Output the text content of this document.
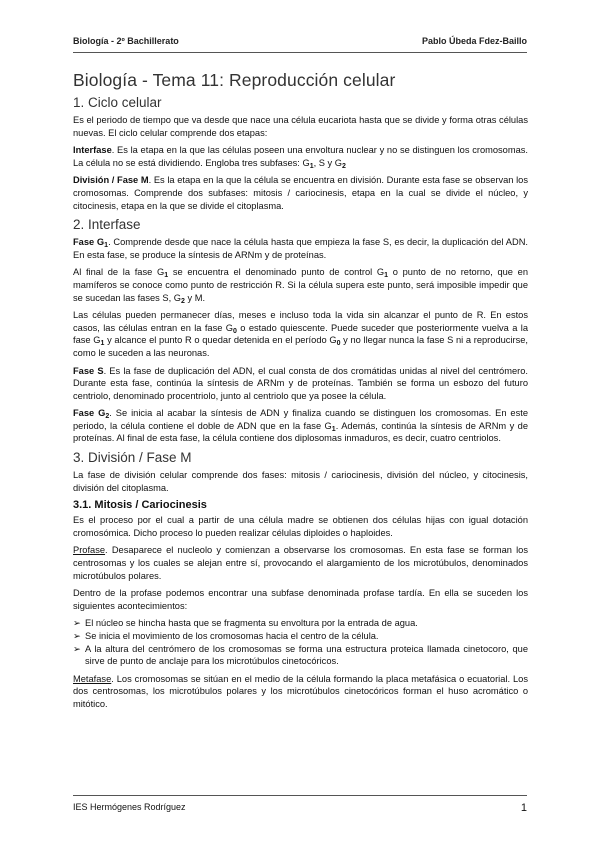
Biología - 2º Bachillerato	Pablo Úbeda Fdez-Baillo
Biología - Tema 11: Reproducción celular
1. Ciclo celular

Es el periodo de tiempo que va desde que nace una célula eucariota hasta que se divide y forma otras células nuevas. El ciclo celular comprende dos etapas:

Interfase. Es la etapa en la que las células poseen una envoltura nuclear y no se distinguen los cromosomas. La célula no se está dividiendo. Engloba tres subfases: $G_1$, S y $G_2$

División / Fase M. Es la etapa en la que la célula se encuentra en división. Durante esta fase se observan los cromosomas. Comprende dos subfases: mitosis / cariocinesis, etapa en la cual se divide el núcleo, y citocinesis, etapa en la que se divide el citoplasma.

2. Interfase

Fase $G_1$. Comprende desde que nace la célula hasta que empieza la fase S, es decir, la duplicación del ADN. En esta fase, se produce la síntesis de ARNm y de proteínas.

Al final de la fase $G_1$ se encuentra el denominado punto de control $G_1$ o punto de no retorno, que en mamíferos se conoce como punto de restricción R. Si la célula supera este punto, será imposible impedir que se sucedan las fases S, $G_2$ y M.

Las células pueden permanecer días, meses e incluso toda la vida sin alcanzar el punto de R. En estos casos, las células entran en la fase $G_0$ o estado quiescente. Puede suceder que posteriormente vuelva a la fase $G_1$ y alcance el punto R o quedar detenida en el período $G_0$ y no llegar nunca la fase S ni a reproducirse, como le suceden a las neuronas.

Fase S. Es la fase de duplicación del ADN, el cual consta de dos cromátidas unidas al nivel del centrómero. Durante esta fase, continúa la síntesis de ARNm y de proteínas. También se forma un esbozo del futuro centriolo, denominado procentriolo, junto al centriolo que ya posee la célula.

Fase $G_2$. Se inicia al acabar la síntesis de ADN y finaliza cuando se distinguen los cromosomas. En este periodo, la célula contiene el doble de ADN que en la fase $G_1$. Además, continúa la síntesis de ARNm y de proteínas. Al final de esta fase, la célula contiene dos diplosomas inmaduros, es decir, cuatro centriolos.

3. División / Fase M

La fase de división celular comprende dos fases: mitosis / cariocinesis, división del núcleo, y citocinesis, división del citoplasma.

3.1. Mitosis / Cariocinesis

Es el proceso por el cual a partir de una célula madre se obtienen dos células hijas con igual dotación cromosómica. Dicho proceso lo pueden realizar células diploides o haploides.

Profase. Desaparece el nucleolo y comienzan a observarse los cromosomas. En esta fase se forman los centrosomas y los cuales se alejan entre sí, provocando el alargamiento de los microtúbulos, denominados microtúbulos polares.

Dentro de la profase podemos encontrar una subfase denominada profase tardía. En ella se suceden los siguientes acontecimientos:

➢ El núcleo se hincha hasta que se fragmenta su envoltura por la entrada de agua.
➢ Se inicia el movimiento de los cromosomas hacia el centro de la célula.
➢ A la altura del centrómero de los cromosomas se forma una estructura proteica llamada cinetocoro, que sirve de punto de anclaje para los microtúbulos cinetocóricos.

Metafase. Los cromosomas se sitúan en el medio de la célula formando la placa metafásica o ecuatorial. Los dos centrosomas, los microtúbulos polares y los microtúbulos cinetocóricos forman el huso acromático o mitótico.

IES Hermógenes Rodríguez	1
